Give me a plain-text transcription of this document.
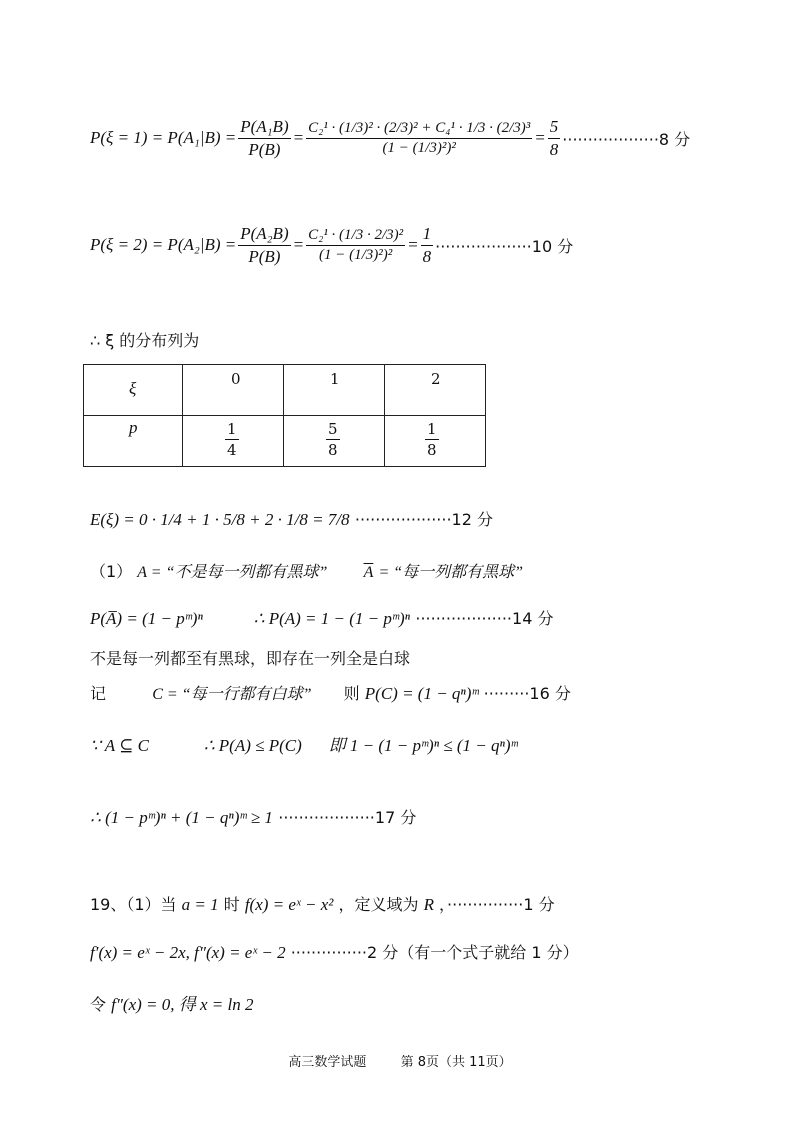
$P(\xi = 1) = P(A_1|B) = \frac{\text{P(A₁B)}}{P(B)} = \frac{\text{C₂¹ · (1/3)² · (2/3)² + C₄¹ · 1/3 · (2/3)³}}{\text{(1 − (1/3)²)²}} = \frac{5}{8} \cdot\cdot\cdot\cdot\cdot\cdot\cdot\cdot\cdot\cdot\cdot\cdot\cdot\cdot\cdot\cdot\cdot\cdot\cdot 8$ 分
$P(\xi = 2) = P(A_2|B) = \frac{\text{P(A₂B)}}{P(B)} = \frac{\text{C₂¹ · (1/3 · 2/3)²}}{\text{(1 − (1/3)²)²}} = \frac{1}{8} \cdot\cdot\cdot\cdot\cdot\cdot\cdot\cdot\cdot\cdot\cdot\cdot\cdot\cdot\cdot\cdot\cdot\cdot\cdot 10$ 分
∴ ξ 的分布列为
ξ	0	1	2

p	$\frac{1}{4}$	$\frac{5}{8}$	$\frac{1}{8}$
E(ξ) = 0 · 1/4 + 1 · 5/8 + 2 · 1/8 = 7/8 ···················12 分
（1） A = “不是每一列都有黑球” $\overline{A}$ = “每一列都有黑球”
P(A̅) = (1 − pᵐ)ⁿ	∴ P(A) = 1 − (1 − pᵐ)ⁿ ···················14 分
不是每一列都至有黑球，即存在一列全是白球
记	C = “每一行都有白球” 则 P(C) = (1 − qⁿ)ᵐ ·········16 分
∵ A ⊆ C	∴ P(A) ≤ P(C) 即 1 − (1 − pᵐ)ⁿ ≤ (1 − qⁿ)ᵐ
∴ (1 − pᵐ)ⁿ + (1 − qⁿ)ᵐ ≥ 1 ···················17 分
19、（1）当 a = 1 时 f(x) = eˣ − x² ，定义域为 R ，···············1 分
f′(x) = eˣ − 2x, f″(x) = eˣ − 2 ···············2 分（有一个式子就给 1 分）
令 f″(x) = 0, 得 x = ln 2
高三数学试题	第 8页（共 11页）
